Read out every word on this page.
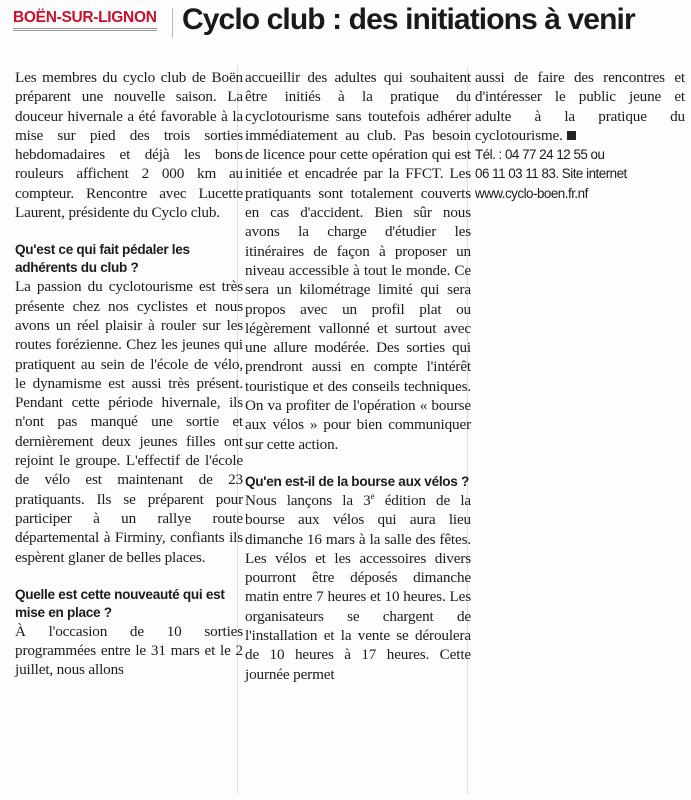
BOËN-SUR-LIGNON Cyclo club : des initiations à venir

Les membres du cyclo club de Boën préparent une nouvelle saison. La douceur hivernale a été favorable à la mise sur pied des trois sorties hebdomadaires et déjà les bons rouleurs affichent 2 000 km au compteur. Rencontre avec Lucette Laurent, présidente du Cyclo club.

Qu'est ce qui fait pédaler les adhérents du club ?

La passion du cyclotourisme est très présente chez nos cyclistes et nous avons un réel plaisir à rouler sur les routes forézienne. Chez les jeunes qui pratiquent au sein de l'école de vélo, le dynamisme est aussi très présent. Pendant cette période hivernale, ils n'ont pas manqué une sortie et dernièrement deux jeunes filles ont rejoint le groupe. L'effectif de l'école de vélo est maintenant de 23 pratiquants. Ils se préparent pour participer à un rallye route départemental à Firminy, confiants ils espèrent glaner de belles places.

Quelle est cette nouveauté qui est mise en place ?

À l'occasion de 10 sorties programmées entre le 31 mars et le 2 juillet, nous allons

accueillir des adultes qui souhaitent être initiés à la pratique du cyclotourisme sans toutefois adhérer immédiatement au club. Pas besoin de licence pour cette opération qui est initiée et encadrée par la FFCT. Les pratiquants sont totalement couverts en cas d'accident. Bien sûr nous avons la charge d'étudier les itinéraires de façon à proposer un niveau accessible à tout le monde. Ce sera un kilométrage limité qui sera propos avec un profil plat ou légèrement vallonné et surtout avec une allure modérée. Des sorties qui prendront aussi en compte l'intérêt touristique et des conseils techniques. On va profiter de l'opération « bourse aux vélos » pour bien communiquer sur cette action.

Qu'en est-il de la bourse aux vélos ?

Nous lançons la 3e édition de la bourse aux vélos qui aura lieu dimanche 16 mars à la salle des fêtes. Les vélos et les accessoires divers pourront être déposés dimanche matin entre 7 heures et 10 heures. Les organisateurs se chargent de l'installation et la vente se déroulera de 10 heures à 17 heures. Cette journée permet

aussi de faire des rencontres et d'intéresser le public jeune et adulte à la pratique du cyclotourisme.

Tél. : 04 77 24 12 55 ou
06 11 03 11 83. Site internet
www.cyclo-boen.fr.nf
